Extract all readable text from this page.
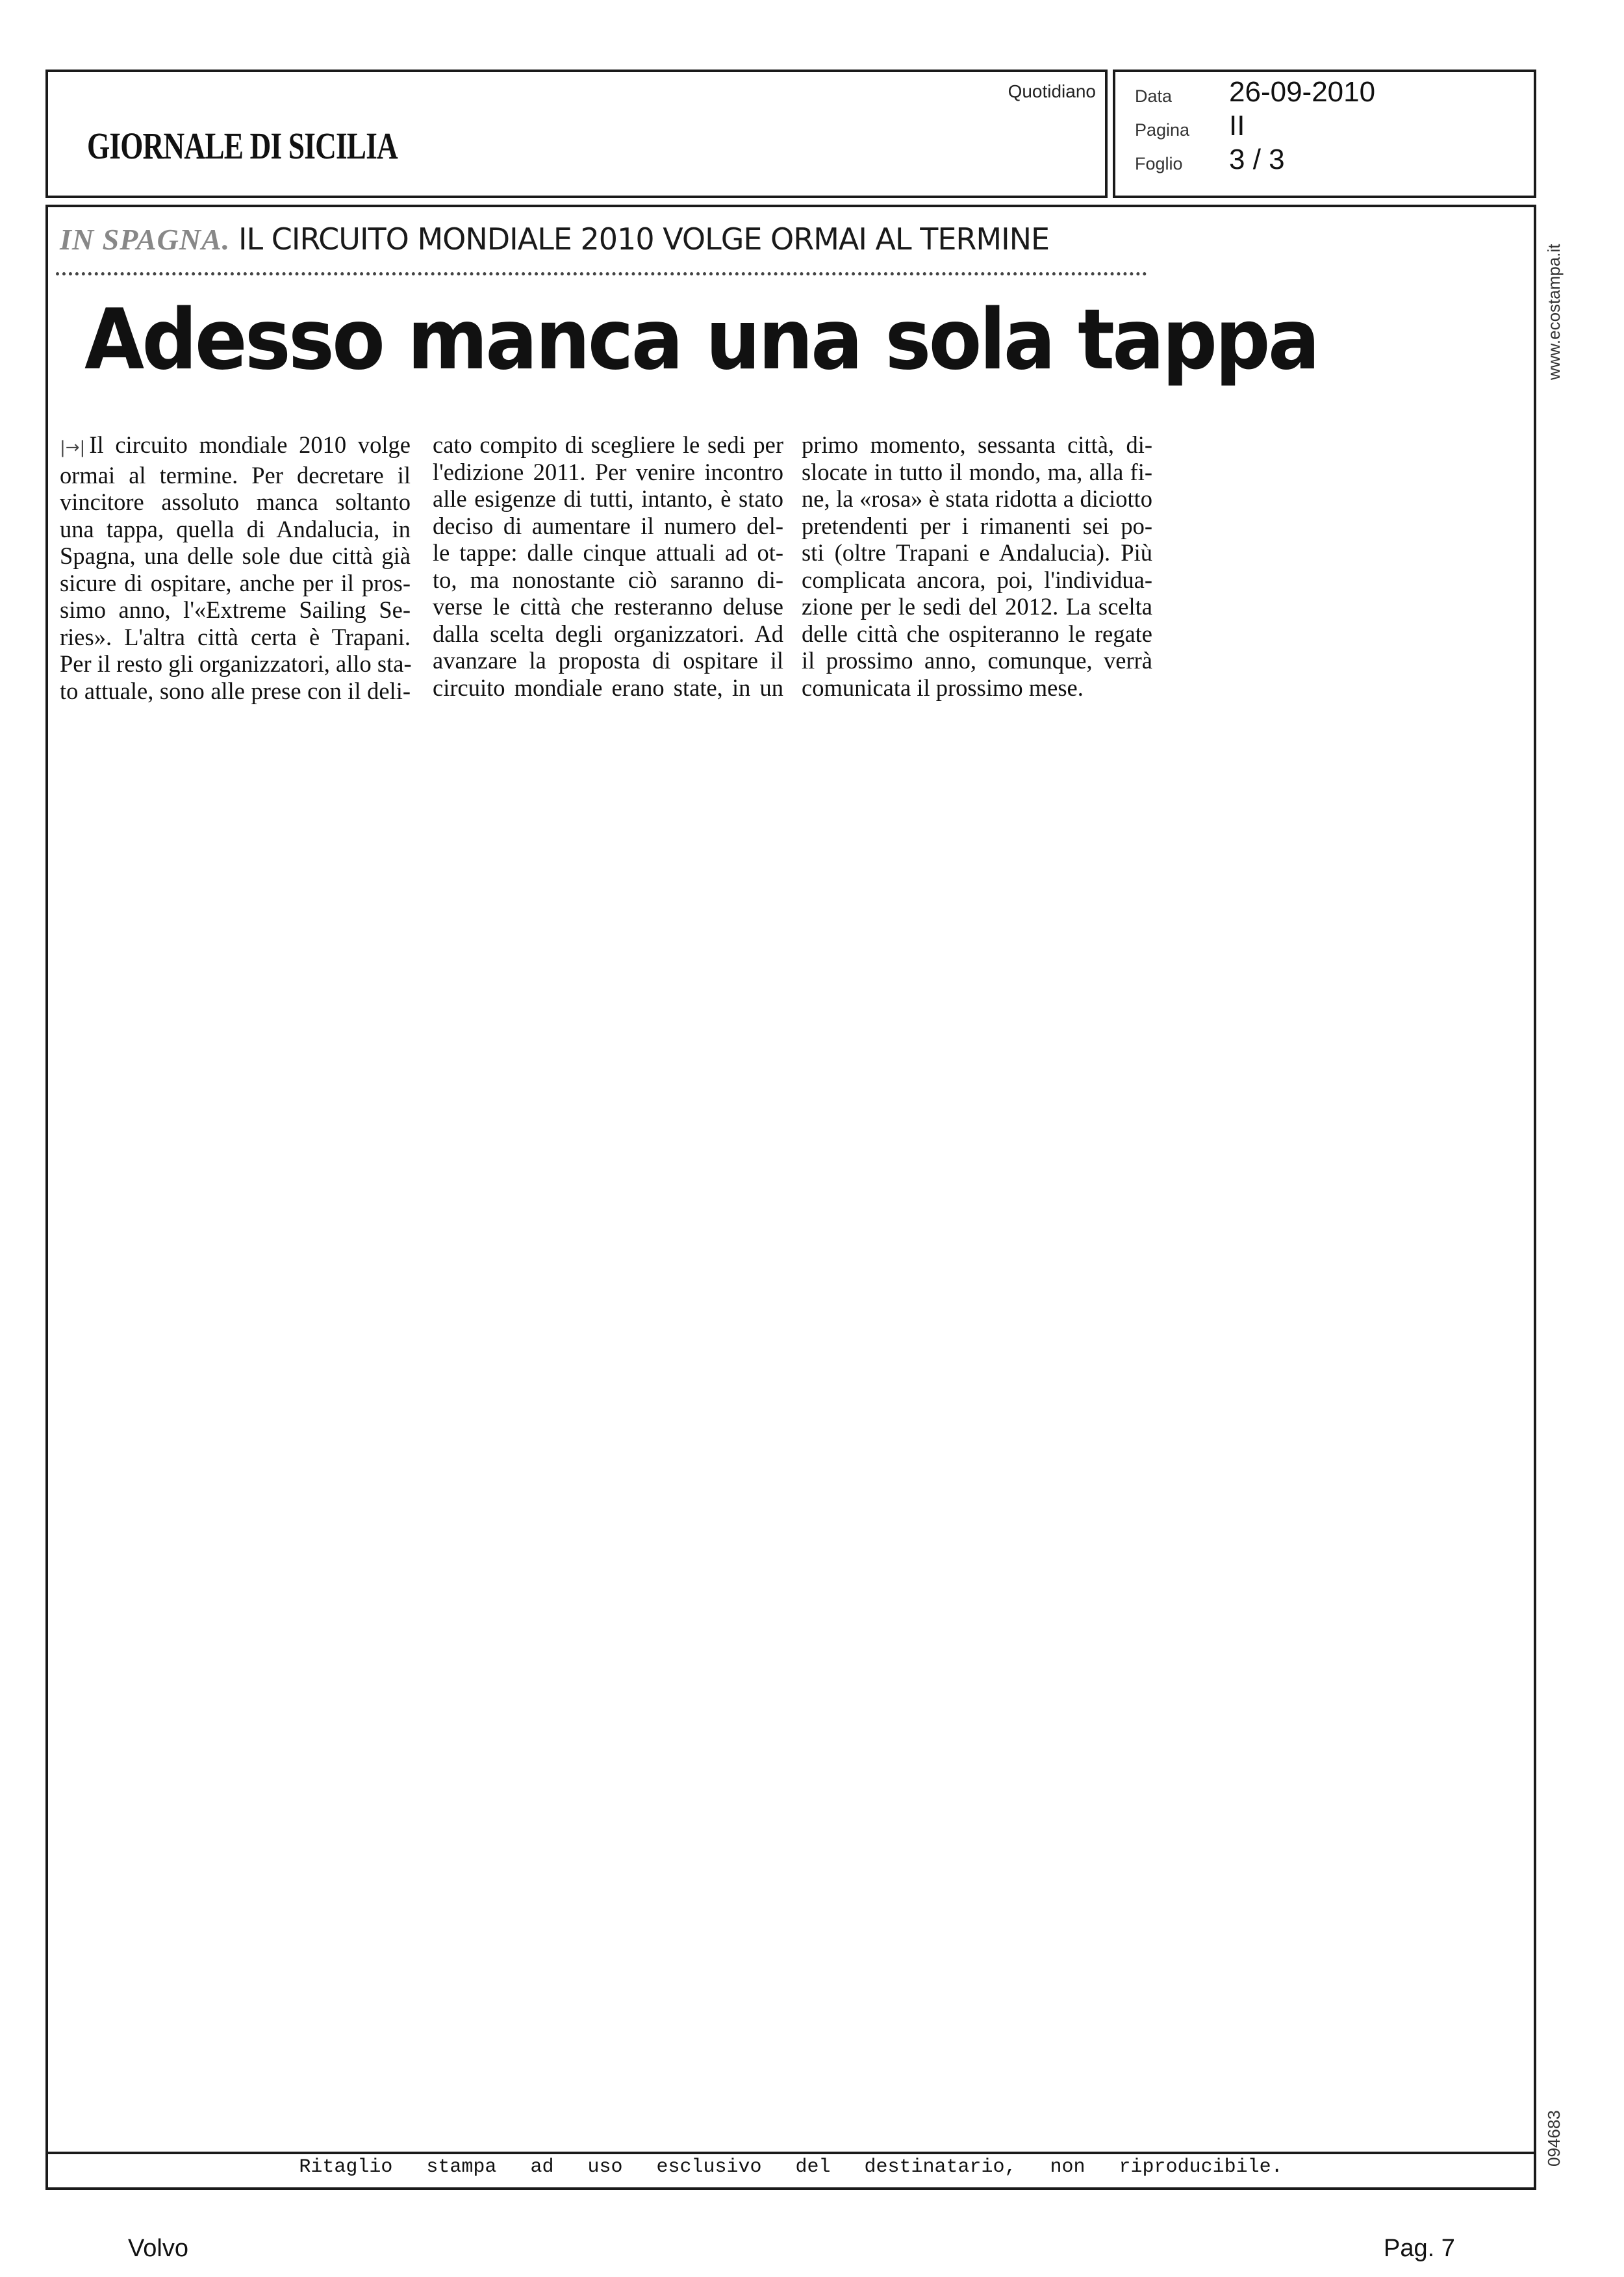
GIORNALE DI SICILIA
Quotidiano Data 26-09-2010
Pagina II
Foglio 3 / 3
IN SPAGNA. IL CIRCUITO MONDIALE 2010 VOLGE ORMAI AL TERMINE
Adesso manca una sola tappa
|→| Il circuito mondiale 2010 volge
ormai al termine. Per decretare il
vincitore assoluto manca soltanto
una tappa, quella di Andalucia, in
Spagna, una delle sole due città già
sicure di ospitare, anche per il pros-
simo anno, l'«Extreme Sailing Se-
ries». L'altra città certa è Trapani.
Per il resto gli organizzatori, allo sta-
to attuale, sono alle prese con il deli-
cato compito di scegliere le sedi per
l'edizione 2011. Per venire incontro
alle esigenze di tutti, intanto, è stato
deciso di aumentare il numero del-
le tappe: dalle cinque attuali ad ot-
to, ma nonostante ciò saranno di-
verse le città che resteranno deluse
dalla scelta degli organizzatori. Ad
avanzare la proposta di ospitare il
circuito mondiale erano state, in un
primo momento, sessanta città, di-
slocate in tutto il mondo, ma, alla fi-
ne, la «rosa» è stata ridotta a diciotto
pretendenti per i rimanenti sei po-
sti (oltre Trapani e Andalucia). Più
complicata ancora, poi, l'individua-
zione per le sedi del 2012. La scelta
delle città che ospiteranno le regate
il prossimo anno, comunque, verrà
comunicata il prossimo mese.
Ritaglio stampa ad uso esclusivo del destinatario, non riproducibile.
www.ecostampa.it
094683
Volvo	Pag. 7
